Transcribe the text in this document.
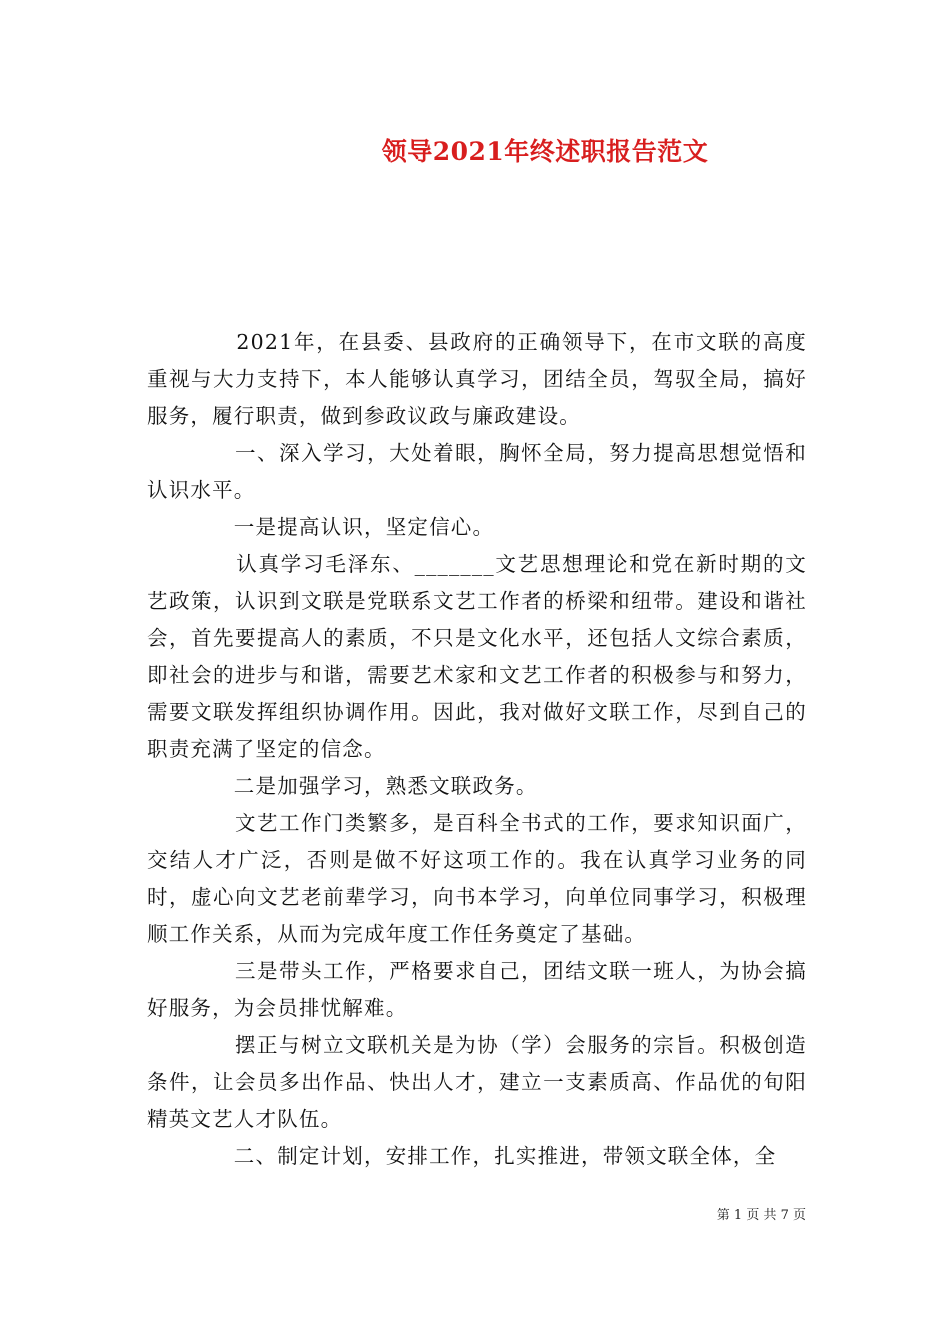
领导2021年终述职报告范文

　　　　2021年，在县委、县政府的正确领导下，在市文联的高度重视与大力支持下，本人能够认真学习，团结全员，驾驭全局，搞好服务，履行职责，做到参政议政与廉政建设。

　　　　一、深入学习，大处着眼，胸怀全局，努力提高思想觉悟和认识水平。

　　　　一是提高认识，坚定信心。

　　　　认真学习毛泽东、_______文艺思想理论和党在新时期的文艺政策，认识到文联是党联系文艺工作者的桥梁和纽带。建设和谐社会，首先要提高人的素质，不只是文化水平，还包括人文综合素质，即社会的进步与和谐，需要艺术家和文艺工作者的积极参与和努力，需要文联发挥组织协调作用。因此，我对做好文联工作，尽到自己的职责充满了坚定的信念。

　　　　二是加强学习，熟悉文联政务。

　　　　文艺工作门类繁多，是百科全书式的工作，要求知识面广，交结人才广泛，否则是做不好这项工作的。我在认真学习业务的同时，虚心向文艺老前辈学习，向书本学习，向单位同事学习，积极理顺工作关系，从而为完成年度工作任务奠定了基础。

　　　　三是带头工作，严格要求自己，团结文联一班人，为协会搞好服务，为会员排忧解难。

　　　　摆正与树立文联机关是为协（学）会服务的宗旨。积极创造条件，让会员多出作品、快出人才，建立一支素质高、作品优的旬阳精英文艺人才队伍。

　　　　二、制定计划，安排工作，扎实推进，带领文联全体，全

第 1 页 共 7 页
